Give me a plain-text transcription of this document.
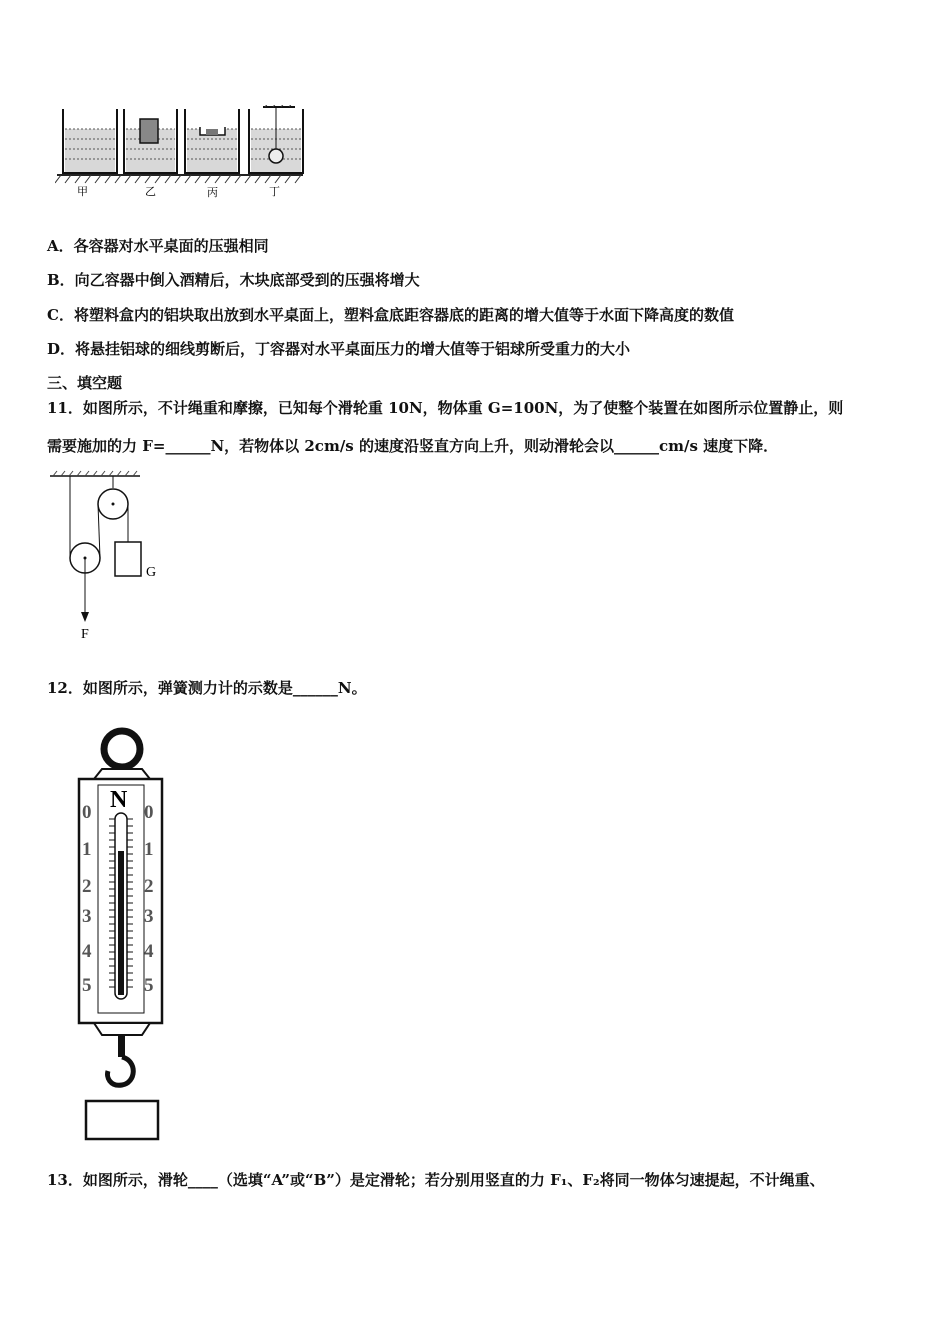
甲	乙	丙	丁
A．各容器对水平桌面的压强相同
B．向乙容器中倒入酒精后，木块底部受到的压强将增大
C．将塑料盒内的铝块取出放到水平桌面上，塑料盒底距容器底的距离的增大值等于水面下降高度的数值
D．将悬挂铝球的细线剪断后，丁容器对水平桌面压力的增大值等于铝球所受重力的大小
三、填空题
11．如图所示，不计绳重和摩擦，已知每个滑轮重 10N，物体重 G=100N，为了使整个装置在如图所示位置静止，则
需要施加的力 F=______N，若物体以 2cm/s 的速度沿竖直方向上升，则动滑轮会以______cm/s 速度下降．
G
F
12．如图所示，弹簧测力计的示数是______N。
N
0
1
2
3
4
5
0
1
2
3
4
5
13．如图所示，滑轮____（选填“A”或“B”）是定滑轮；若分别用竖直的力 F₁、F₂将同一物体匀速提起，不计绳重、
